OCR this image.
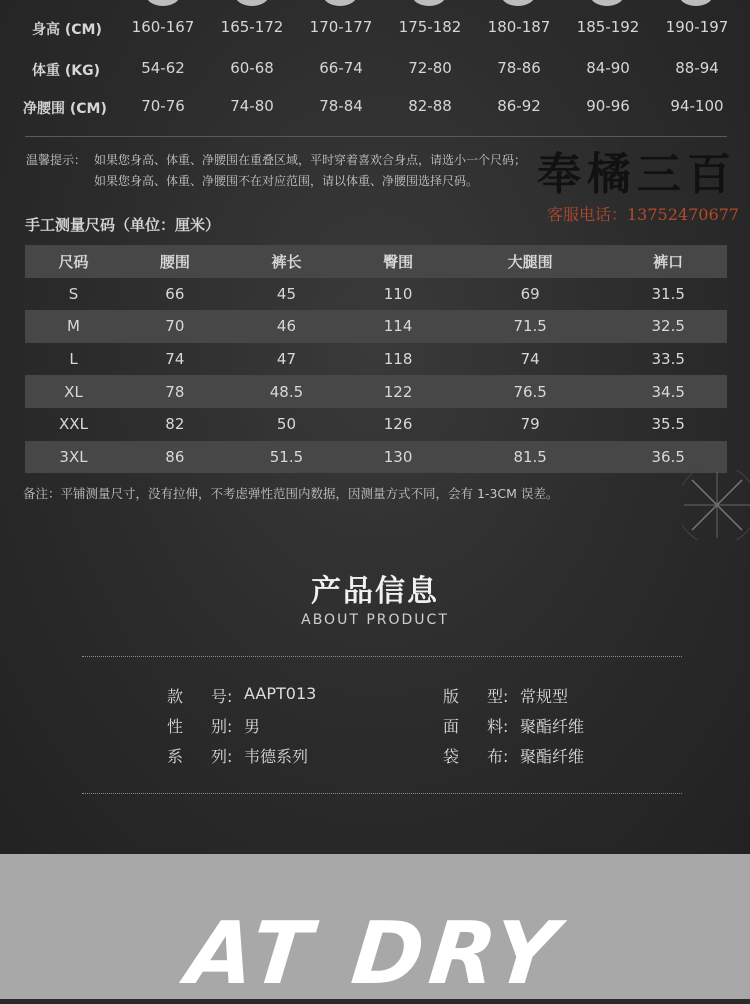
身高 (CM)	160-167	165-172	170-177	175-182	180-187	185-192	190-197
体重 (KG)	54-62	60-68	66-74	72-80	78-86	84-90	88-94
净腰围 (CM)	70-76	74-80	78-84	82-88	86-92	90-96	94-100
温馨提示： 如果您身高、体重、净腰围在重叠区域，平时穿着喜欢合身点，请选小一个尺码；
如果您身高、体重、净腰围不在对应范围，请以体重、净腰围选择尺码。 奉橘三百
客服电话：13752470677
手工测量尺码（单位：厘米）
尺码	腰围	裤长	臀围	大腿围	裤口
S	66	45	110	69	31.5
M	70	46	114	71.5	32.5
L	74	47	118	74	33.5
XL	78	48.5	122	76.5	34.5
XXL	82	50	126	79	35.5
3XL	86	51.5	130	81.5	36.5
备注：平铺测量尺寸，没有拉伸，不考虑弹性范围内数据，因测量方式不同，会有 1-3CM 误差。
产品信息
ABOUT PRODUCT
款 号: AAPT013	版 型: 常规型
性 别: 男	面 料: 聚酯纤维
系 列: 韦德系列	袋 布: 聚酯纤维
AT DRY
